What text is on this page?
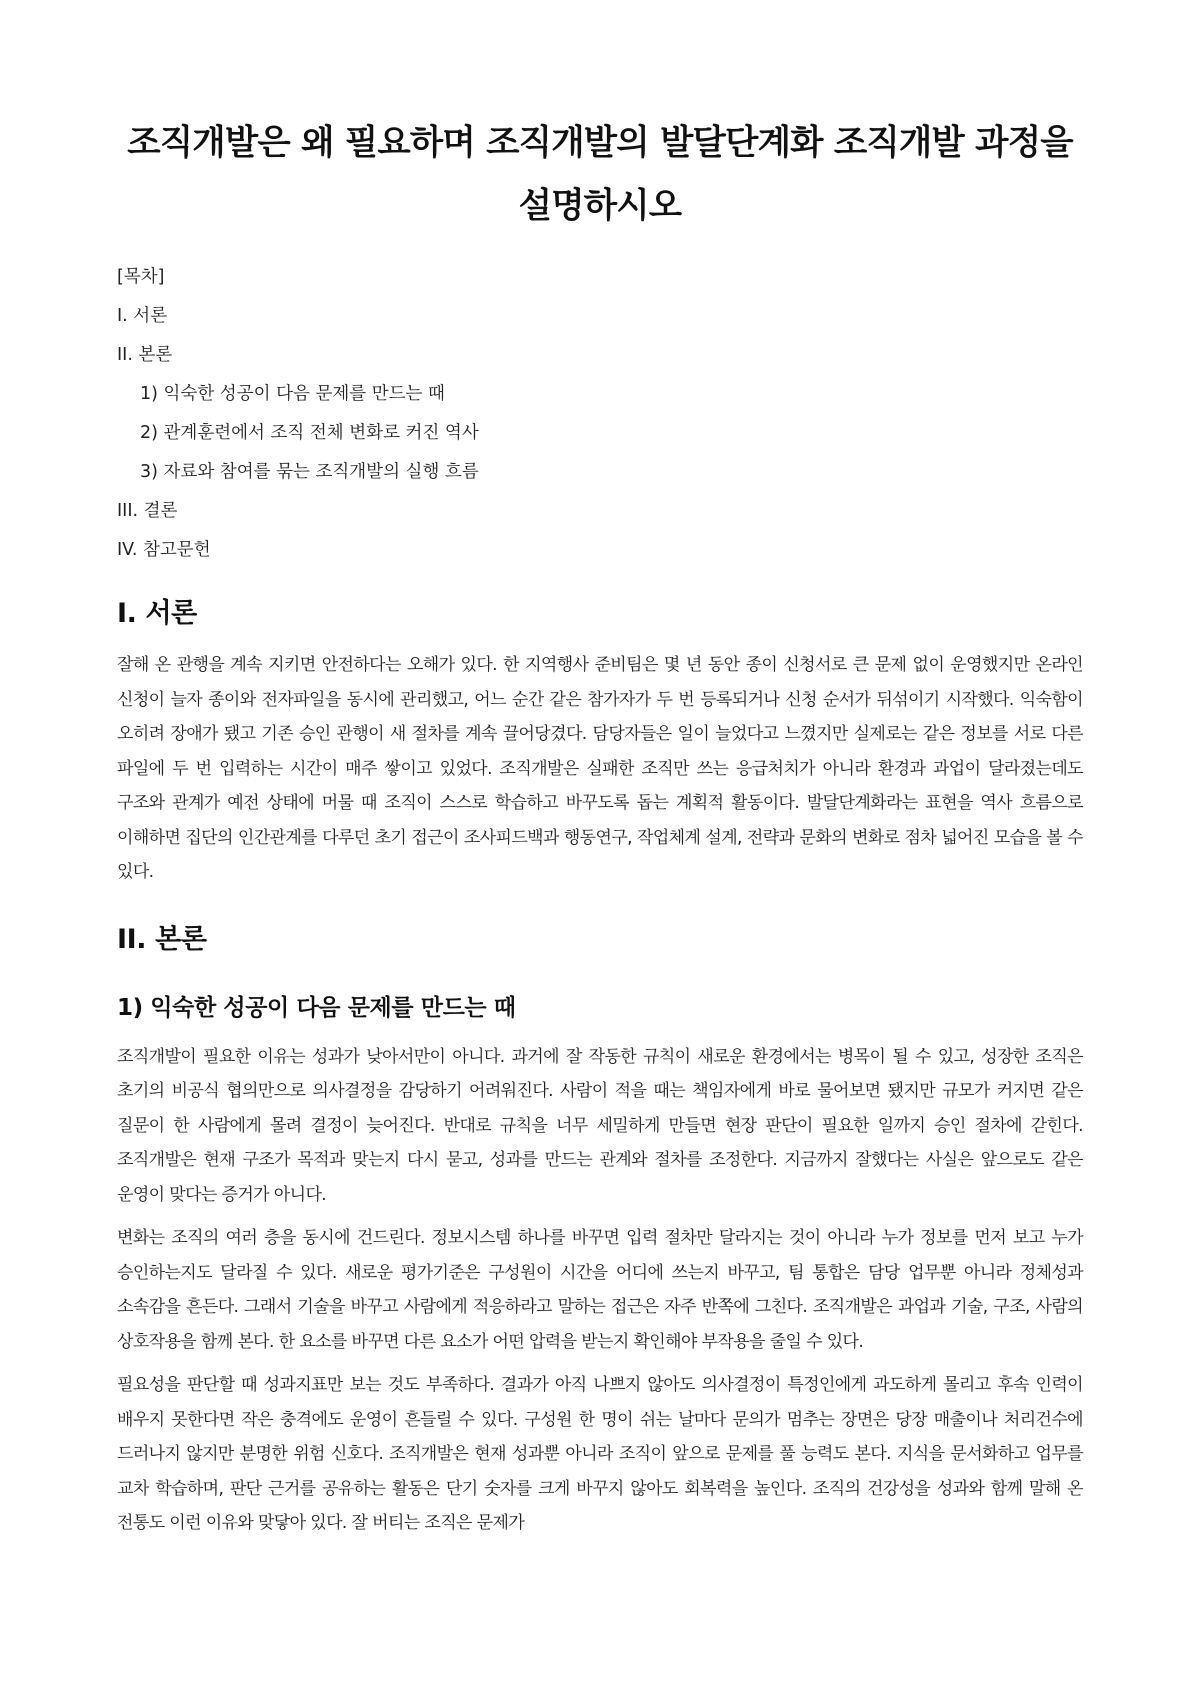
조직개발은 왜 필요하며 조직개발의 발달단계화 조직개발 과정을 설명하시오
[목차]
I. 서론
II. 본론
1) 익숙한 성공이 다음 문제를 만드는 때
2) 관계훈련에서 조직 전체 변화로 커진 역사
3) 자료와 참여를 묶는 조직개발의 실행 흐름
III. 결론
IV. 참고문헌
I. 서론

잘해 온 관행을 계속 지키면 안전하다는 오해가 있다. 한 지역행사 준비팀은 몇 년 동안 종이 신청서로 큰 문제 없이 운영했지만 온라인 신청이 늘자 종이와 전자파일을 동시에 관리했고, 어느 순간 같은 참가자가 두 번 등록되거나 신청 순서가 뒤섞이기 시작했다. 익숙함이 오히려 장애가 됐고 기존 승인 관행이 새 절차를 계속 끌어당겼다. 담당자들은 일이 늘었다고 느꼈지만 실제로는 같은 정보를 서로 다른 파일에 두 번 입력하는 시간이 매주 쌓이고 있었다. 조직개발은 실패한 조직만 쓰는 응급처치가 아니라 환경과 과업이 달라졌는데도 구조와 관계가 예전 상태에 머물 때 조직이 스스로 학습하고 바꾸도록 돕는 계획적 활동이다. 발달단계화라는 표현을 역사 흐름으로 이해하면 집단의 인간관계를 다루던 초기 접근이 조사피드백과 행동연구, 작업체계 설계, 전략과 문화의 변화로 점차 넓어진 모습을 볼 수 있다.

II. 본론
1) 익숙한 성공이 다음 문제를 만드는 때

조직개발이 필요한 이유는 성과가 낮아서만이 아니다. 과거에 잘 작동한 규칙이 새로운 환경에서는 병목이 될 수 있고, 성장한 조직은 초기의 비공식 협의만으로 의사결정을 감당하기 어려워진다. 사람이 적을 때는 책임자에게 바로 물어보면 됐지만 규모가 커지면 같은 질문이 한 사람에게 몰려 결정이 늦어진다. 반대로 규칙을 너무 세밀하게 만들면 현장 판단이 필요한 일까지 승인 절차에 갇힌다. 조직개발은 현재 구조가 목적과 맞는지 다시 묻고, 성과를 만드는 관계와 절차를 조정한다. 지금까지 잘했다는 사실은 앞으로도 같은 운영이 맞다는 증거가 아니다.

변화는 조직의 여러 층을 동시에 건드린다. 정보시스템 하나를 바꾸면 입력 절차만 달라지는 것이 아니라 누가 정보를 먼저 보고 누가 승인하는지도 달라질 수 있다. 새로운 평가기준은 구성원이 시간을 어디에 쓰는지 바꾸고, 팀 통합은 담당 업무뿐 아니라 정체성과 소속감을 흔든다. 그래서 기술을 바꾸고 사람에게 적응하라고 말하는 접근은 자주 반쪽에 그친다. 조직개발은 과업과 기술, 구조, 사람의 상호작용을 함께 본다. 한 요소를 바꾸면 다른 요소가 어떤 압력을 받는지 확인해야 부작용을 줄일 수 있다.

필요성을 판단할 때 성과지표만 보는 것도 부족하다. 결과가 아직 나쁘지 않아도 의사결정이 특정인에게 과도하게 몰리고 후속 인력이 배우지 못한다면 작은 충격에도 운영이 흔들릴 수 있다. 구성원 한 명이 쉬는 날마다 문의가 멈추는 장면은 당장 매출이나 처리건수에 드러나지 않지만 분명한 위험 신호다. 조직개발은 현재 성과뿐 아니라 조직이 앞으로 문제를 풀 능력도 본다. 지식을 문서화하고 업무를 교차 학습하며, 판단 근거를 공유하는 활동은 단기 숫자를 크게 바꾸지 않아도 회복력을 높인다. 조직의 건강성을 성과와 함께 말해 온 전통도 이런 이유와 맞닿아 있다. 잘 버티는 조직은 문제가
